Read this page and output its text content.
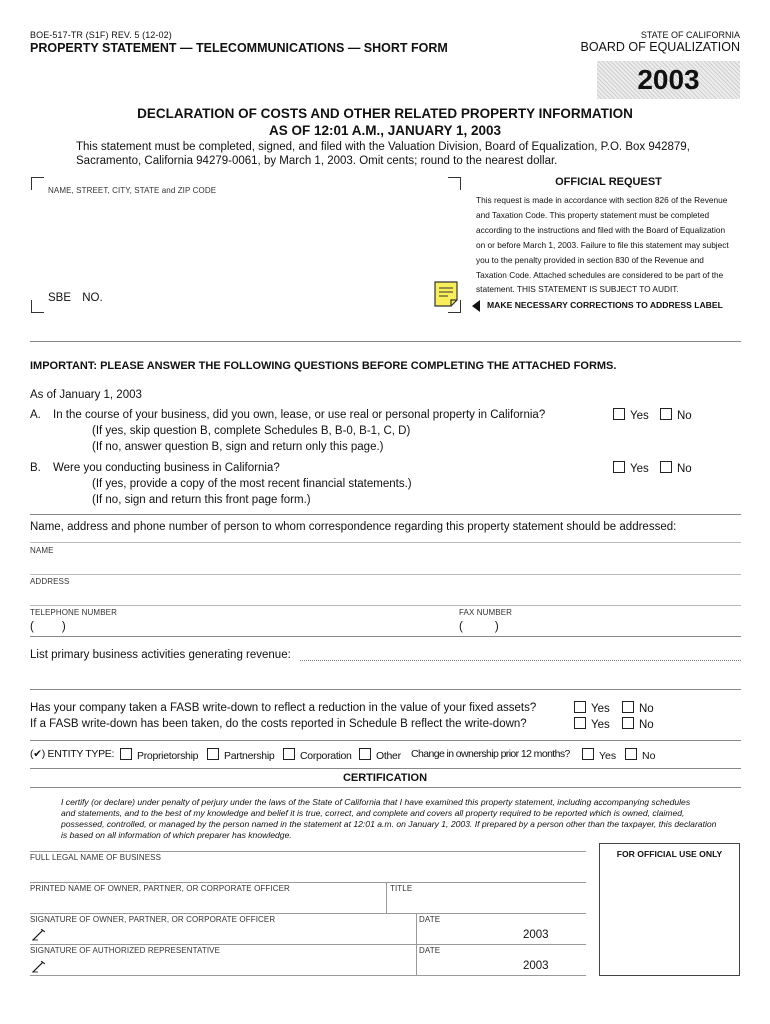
BOE-517-TR (S1F) REV. 5 (12-02)
PROPERTY STATEMENT — TELECOMMUNICATIONS — SHORT FORM
STATE OF CALIFORNIA
BOARD OF EQUALIZATION
2003
DECLARATION OF COSTS AND OTHER RELATED PROPERTY INFORMATION
AS OF 12:01 A.M., JANUARY 1, 2003
This statement must be completed, signed, and filed with the Valuation Division, Board of Equalization, P.O. Box 942879,
Sacramento, California 94279-0061, by March 1, 2003. Omit cents; round to the nearest dollar.
NAME, STREET, CITY, STATE and ZIP CODE
SBE NO.
OFFICIAL REQUEST
This request is made in accordance with section 826 of the Revenue
and Taxation Code. This property statement must be completed
according to the instructions and filed with the Board of Equalization
on or before March 1, 2003. Failure to file this statement may subject
you to the penalty provided in section 830 of the Revenue and
Taxation Code. Attached schedules are considered to be part of the
statement. THIS STATEMENT IS SUBJECT TO AUDIT.
MAKE NECESSARY CORRECTIONS TO ADDRESS LABEL
IMPORTANT: PLEASE ANSWER THE FOLLOWING QUESTIONS BEFORE COMPLETING THE ATTACHED FORMS.
As of January 1, 2003
A. In the course of your business, did you own, lease, or use real or personal property in California?
(If yes, skip question B, complete Schedules B, B-0, B-1, C, D)
(If no, answer question B, sign and return only this page.)
Yes	No
B. Were you conducting business in California?
(If yes, provide a copy of the most recent financial statements.)
(If no, sign and return this front page form.)
Yes	No
Name, address and phone number of person to whom correspondence regarding this property statement should be addressed:
NAME
ADDRESS
TELEPHONE NUMBER	FAX NUMBER
( )	(	)
List primary business activities generating revenue:
Has your company taken a FASB write-down to reflect a reduction in the value of your fixed assets?
If a FASB write-down has been taken, do the costs reported in Schedule B reflect the write-down?
Yes	No
Yes	No
(✔) ENTITY TYPE:	Proprietorship	Partnership	Corporation	Other Change in ownership prior 12 months?	Yes	No
CERTIFICATION
I certify (or declare) under penalty of perjury under the laws of the State of California that I have examined this property statement, including accompanying schedules
and statements, and to the best of my knowledge and belief it is true, correct, and complete and covers all property required to be reported which is owned, claimed,
possessed, controlled, or managed by the person named in the statement at 12:01 a.m. on January 1, 2003. If prepared by a person other than the taxpayer, this declaration
is based on all information of which preparer has knowledge.
FULL LEGAL NAME OF BUSINESS
PRINTED NAME OF OWNER, PARTNER, OR CORPORATE OFFICER	TITLE
SIGNATURE OF OWNER, PARTNER, OR CORPORATE OFFICER	DATE
2003
SIGNATURE OF AUTHORIZED REPRESENTATIVE	DATE
2003
FOR OFFICIAL USE ONLY
